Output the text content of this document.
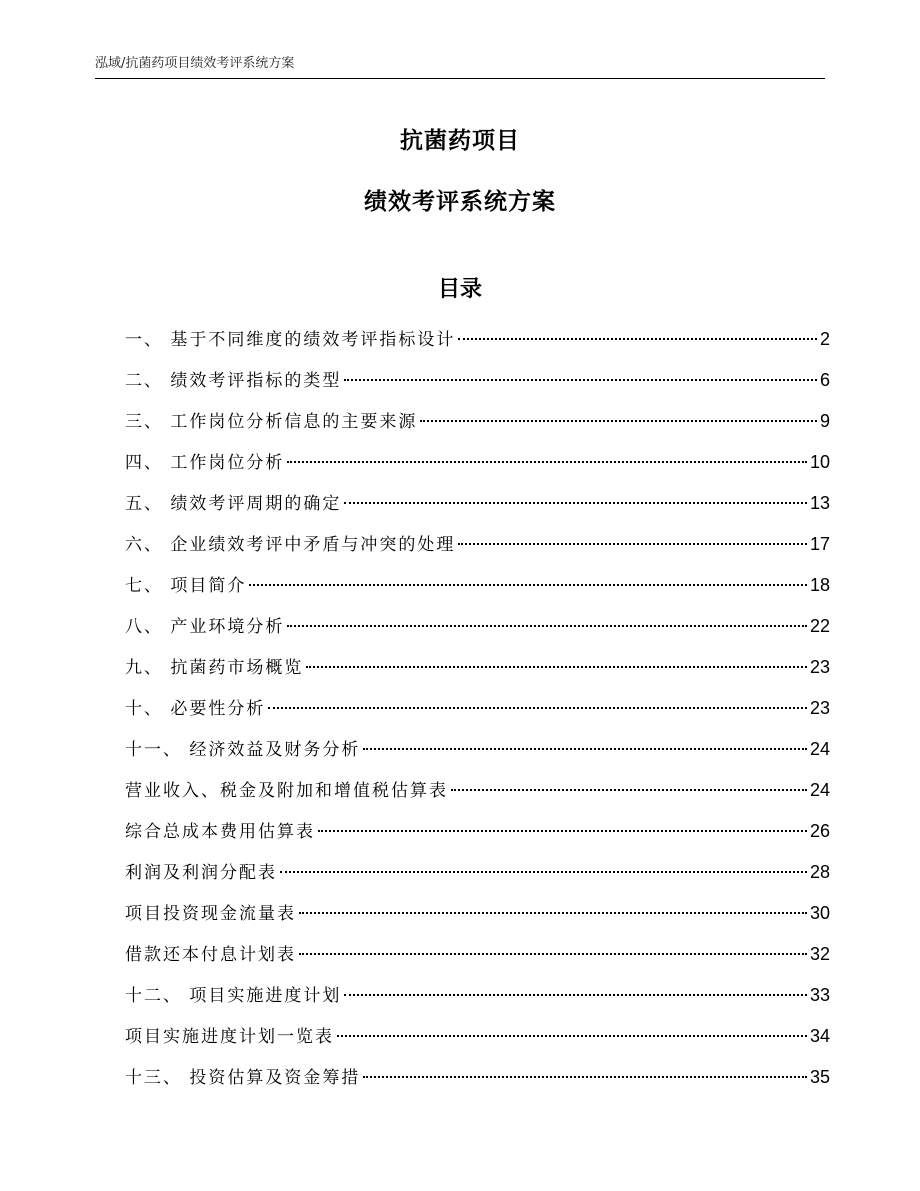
泓域/抗菌药项目绩效考评系统方案
抗菌药项目
绩效考评系统方案
目录
一、 基于不同维度的绩效考评指标设计	2
二、 绩效考评指标的类型	6
三、 工作岗位分析信息的主要来源	9
四、 工作岗位分析	10
五、 绩效考评周期的确定	13
六、 企业绩效考评中矛盾与冲突的处理	17
七、 项目简介	18
八、 产业环境分析	22
九、 抗菌药市场概览	23
十、 必要性分析	23
十一、 经济效益及财务分析	24
营业收入、税金及附加和增值税估算表	24
综合总成本费用估算表	26
利润及利润分配表	28
项目投资现金流量表	30
借款还本付息计划表	32
十二、 项目实施进度计划	33
项目实施进度计划一览表	34
十三、 投资估算及资金筹措	35
